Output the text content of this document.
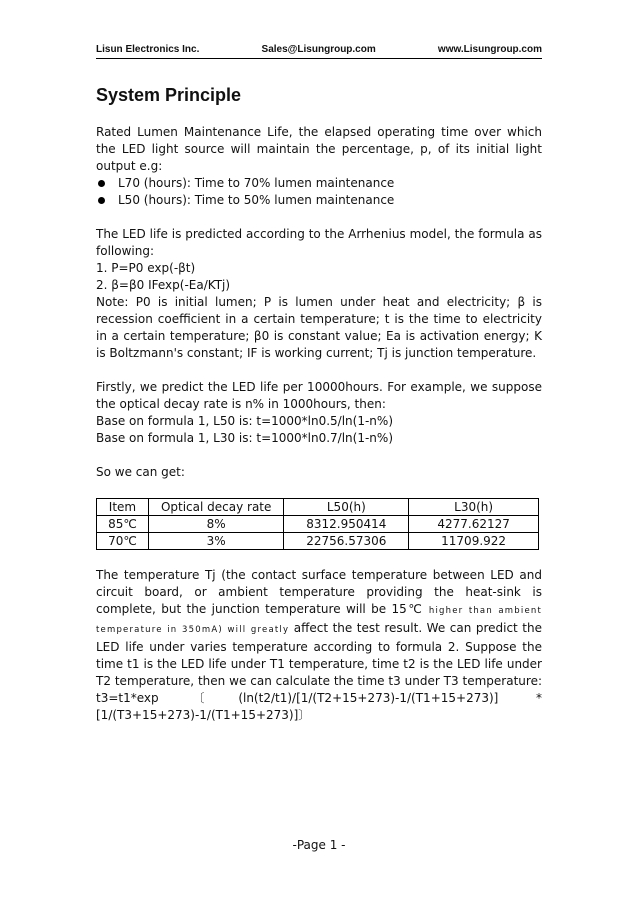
Lisun Electronics Inc.	Sales@Lisungroup.com	www.Lisungroup.com
System Principle

Rated Lumen Maintenance Life, the elapsed operating time over which the LED light source will maintain the percentage, p, of its initial light output e.g:

L70 (hours): Time to 70% lumen maintenance
L50 (hours): Time to 50% lumen maintenance

The LED life is predicted according to the Arrhenius model, the formula as following:

1. P=P0 exp(-βt)
2. β=β0 IFexp(-Ea/KTj)

Note: P0 is initial lumen; P is lumen under heat and electricity; β is recession coefficient in a certain temperature; t is the time to electricity in a certain temperature; β0 is constant value; Ea is activation energy; K is Boltzmann's constant; IF is working current; Tj is junction temperature.

Firstly, we predict the LED life per 10000hours. For example, we suppose the optical decay rate is n% in 1000hours, then:

Base on formula 1, L50 is: t=1000*ln0.5/ln(1-n%)
Base on formula 1, L30 is: t=1000*ln0.7/ln(1-n%)
So we can get:
Item	Optical decay rate	L50(h)	L30(h)
85℃	8%	8312.950414	4277.62127
70℃	3%	22756.57306	11709.922

The temperature Tj (the contact surface temperature between LED and circuit board, or ambient temperature providing the heat-sink is complete, but the junction temperature will be 15℃ higher than ambient temperature in 350mA) will greatly affect the test result. We can predict the LED life under varies temperature according to formula 2. Suppose the time t1 is the LED life under T1 temperature, time t2 is the LED life under T2 temperature, then we can calculate the time t3 under T3 temperature: t3=t1*exp〔(ln(t2/t1)/[1/(T2+15+273)-1/(T1+15+273)] * [1/(T3+15+273)-1/(T1+15+273)]〕

-Page 1 -
